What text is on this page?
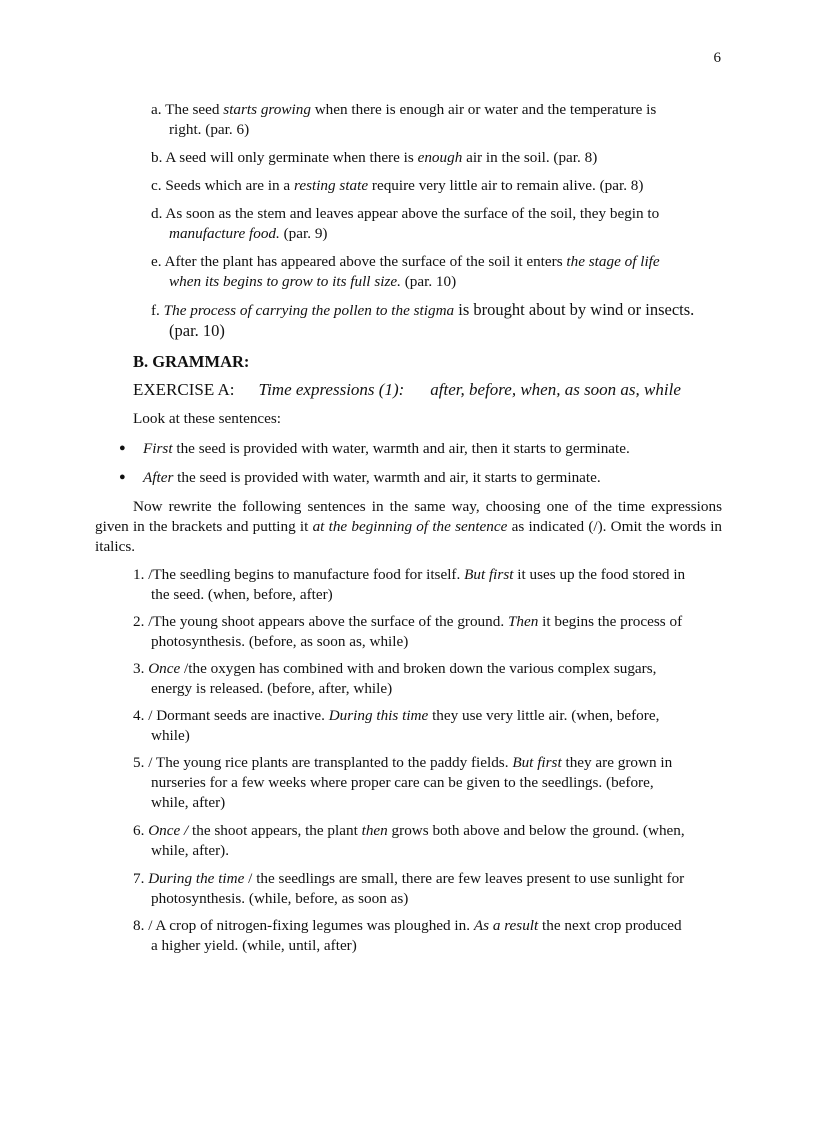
6
a. The seed starts growing when there is enough air or water and the temperature is
right. (par. 6)
b. A seed will only germinate when there is enough air in the soil. (par. 8)
c. Seeds which are in a resting state require very little air to remain alive. (par. 8)
d. As soon as the stem and leaves appear above the surface of the soil, they begin to
manufacture food. (par. 9)
e. After the plant has appeared above the surface of the soil it enters the stage of life
when its begins to grow to its full size. (par. 10)
f. The process of carrying the pollen to the stigma is brought about by wind or insects.
(par. 10)
B. GRAMMAR:
EXERCISE A: Time expressions (1): after, before, when, as soon as, while
Look at these sentences:
● First the seed is provided with water, warmth and air, then it starts to germinate.
● After the seed is provided with water, warmth and air, it starts to germinate.
Now rewrite the following sentences in the same way, choosing one of the time expressions given in the brackets and putting it at the beginning of the sentence as indicated (/). Omit the words in italics.
1. /The seedling begins to manufacture food for itself. But first it uses up the food stored in
the seed. (when, before, after)
2. /The young shoot appears above the surface of the ground. Then it begins the process of
photosynthesis. (before, as soon as, while)
3. Once /the oxygen has combined with and broken down the various complex sugars,
energy is released. (before, after, while)
4. / Dormant seeds are inactive. During this time they use very little air. (when, before,
while)
5. / The young rice plants are transplanted to the paddy fields. But first they are grown in
nurseries for a few weeks where proper care can be given to the seedlings. (before,
while, after)
6. Once / the shoot appears, the plant then grows both above and below the ground. (when,
while, after).
7. During the time / the seedlings are small, there are few leaves present to use sunlight for
photosynthesis. (while, before, as soon as)
8. / A crop of nitrogen-fixing legumes was ploughed in. As a result the next crop produced
a higher yield. (while, until, after)
